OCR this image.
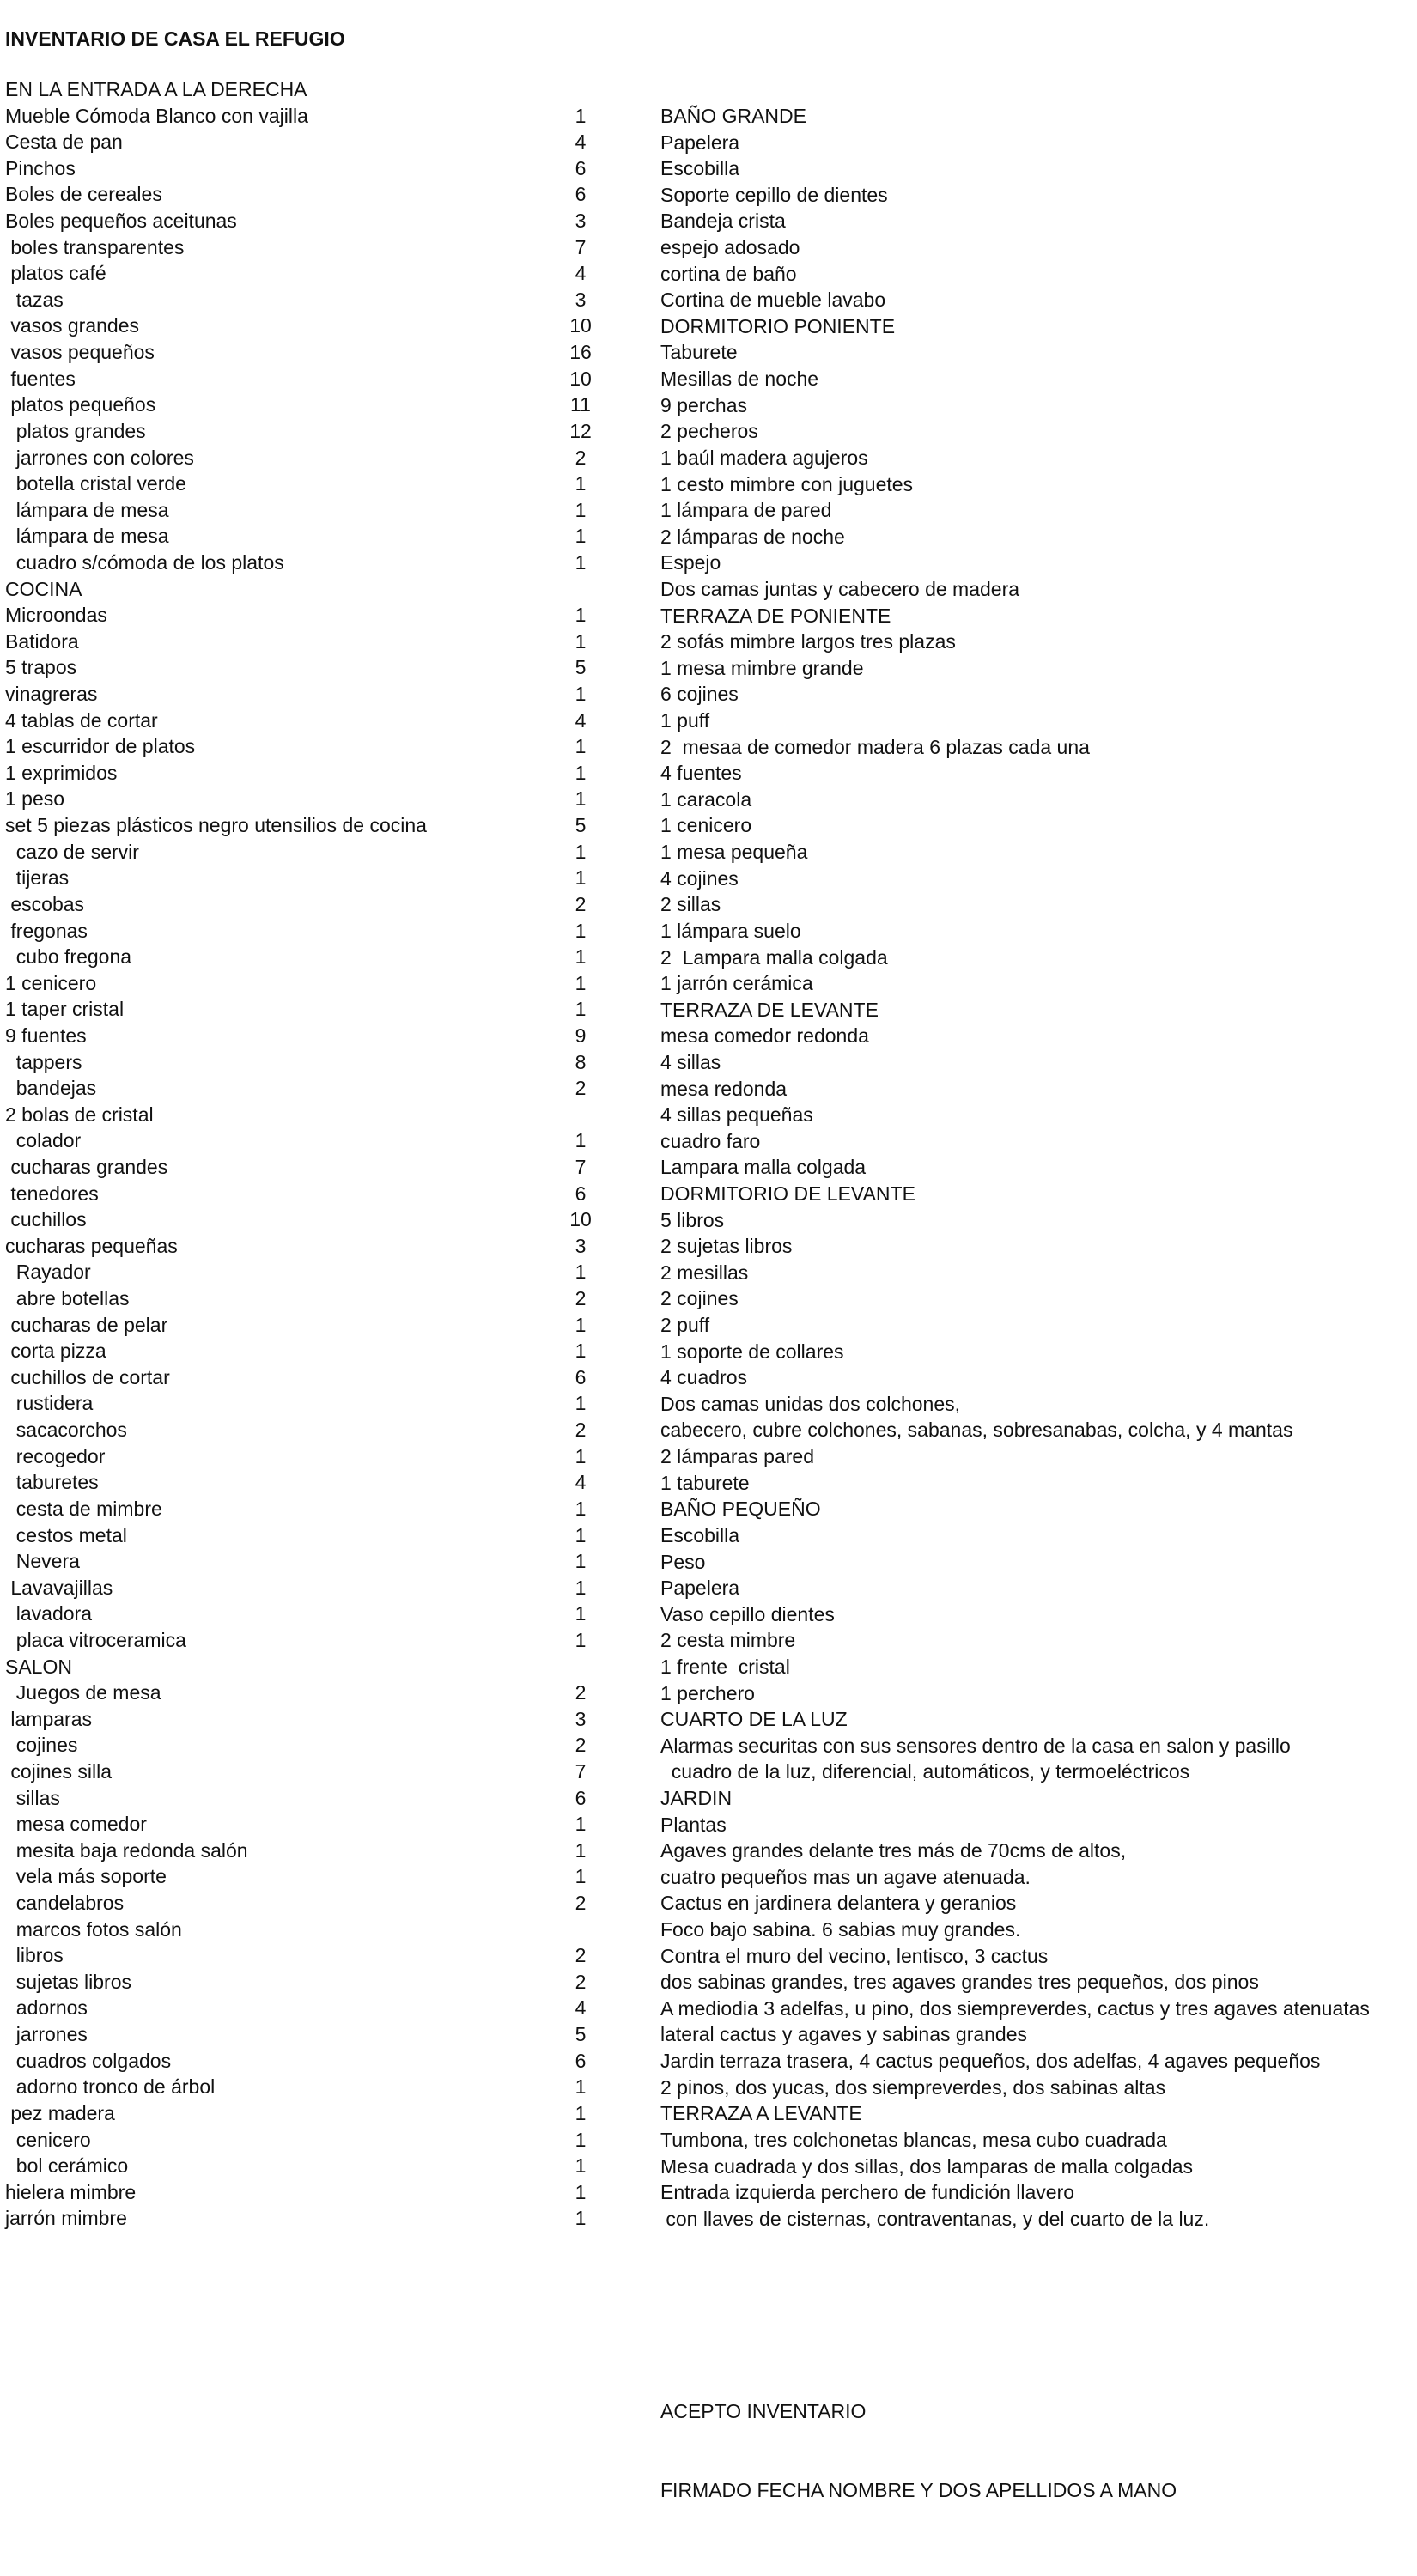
INVENTARIO DE CASA EL REFUGIO
EN LA ENTRADA A LA DERECHA
Mueble Cómoda Blanco con vajilla	1
Cesta de pan	4
Pinchos	6
Boles de cereales	6
Boles pequeños aceitunas	3
boles transparentes	7
platos café	4
tazas	3
vasos grandes	10
vasos pequeños	16
fuentes	10
platos pequeños	11
platos grandes	12
jarrones con colores	2
botella cristal verde	1
lámpara de mesa	1
lámpara de mesa	1
cuadro s/cómoda de los platos	1
COCINA
Microondas	1
Batidora	1
5 trapos	5
vinagreras	1
4 tablas de cortar	4
1 escurridor de platos	1
1 exprimidos	1
1 peso	1
set 5 piezas plásticos negro utensilios de cocina	5
cazo de servir	1
tijeras	1
escobas	2
fregonas	1
cubo fregona	1
1 cenicero	1
1 taper cristal	1
9 fuentes	9
tappers	8
bandejas	2
2 bolas de cristal
colador	1
cucharas grandes	7
tenedores	6
cuchillos	10
cucharas pequeñas	3
Rayador	1
abre botellas	2
cucharas de pelar	1
corta pizza	1
cuchillos de cortar	6
rustidera	1
sacacorchos	2
recogedor	1
taburetes	4
cesta de mimbre	1
cestos metal	1
Nevera	1
Lavavajillas	1
lavadora	1
placa vitroceramica	1
SALON
Juegos de mesa	2
lamparas	3
cojines	2
cojines silla	7
sillas	6
mesa comedor	1
mesita baja redonda salón	1
vela más soporte	1
candelabros	2
marcos fotos salón
libros	2
sujetas libros	2
adornos	4
jarrones	5
cuadros colgados	6
adorno tronco de árbol	1
pez madera	1
cenicero	1
bol cerámico	1
hielera mimbre	1
jarrón mimbre	1
BAÑO GRANDE
Papelera
Escobilla
Soporte cepillo de dientes
Bandeja crista
espejo adosado
cortina de baño
Cortina de mueble lavabo
DORMITORIO PONIENTE
Taburete
Mesillas de noche
9 perchas
2 pecheros
1 baúl madera agujeros
1 cesto mimbre con juguetes
1 lámpara de pared
2 lámparas de noche
Espejo
Dos camas juntas y cabecero de madera
TERRAZA DE PONIENTE
2 sofás mimbre largos tres plazas
1 mesa mimbre grande
6 cojines
1 puff
2  mesaa de comedor madera 6 plazas cada una
4 fuentes
1 caracola
1 cenicero
1 mesa pequeña
4 cojines
2 sillas
1 lámpara suelo
2  Lampara malla colgada
1 jarrón cerámica
TERRAZA DE LEVANTE
mesa comedor redonda
4 sillas
mesa redonda
4 sillas pequeñas
cuadro faro
Lampara malla colgada
DORMITORIO DE LEVANTE
5 libros
2 sujetas libros
2 mesillas
2 cojines
2 puff
1 soporte de collares
4 cuadros
Dos camas unidas dos colchones,
cabecero, cubre colchones, sabanas, sobresanabas, colcha, y 4 mantas
2 lámparas pared
1 taburete
BAÑO PEQUEÑO
Escobilla
Peso
Papelera
Vaso cepillo dientes
2 cesta mimbre
1 frente  cristal
1 perchero
CUARTO DE LA LUZ
Alarmas securitas con sus sensores dentro de la casa en salon y pasillo
cuadro de la luz, diferencial, automáticos, y termoeléctricos
JARDIN
Plantas
Agaves grandes delante tres más de 70cms de altos,
cuatro pequeños mas un agave atenuada.
Cactus en jardinera delantera y geranios
Foco bajo sabina. 6 sabias muy grandes.
Contra el muro del vecino, lentisco, 3 cactus
dos sabinas grandes, tres agaves grandes tres pequeños, dos pinos
A mediodia 3 adelfas, u pino, dos siempreverdes, cactus y tres agaves atenuatas
lateral cactus y agaves y sabinas grandes
Jardin terraza trasera, 4 cactus pequeños, dos adelfas, 4 agaves pequeños
2 pinos, dos yucas, dos siempreverdes, dos sabinas altas
TERRAZA A LEVANTE
Tumbona, tres colchonetas blancas, mesa cubo cuadrada
Mesa cuadrada y dos sillas, dos lamparas de malla colgadas
Entrada izquierda perchero de fundición llavero
con llaves de cisternas, contraventanas, y del cuarto de la luz.
ACEPTO INVENTARIO
FIRMADO FECHA NOMBRE Y DOS APELLIDOS A MANO
